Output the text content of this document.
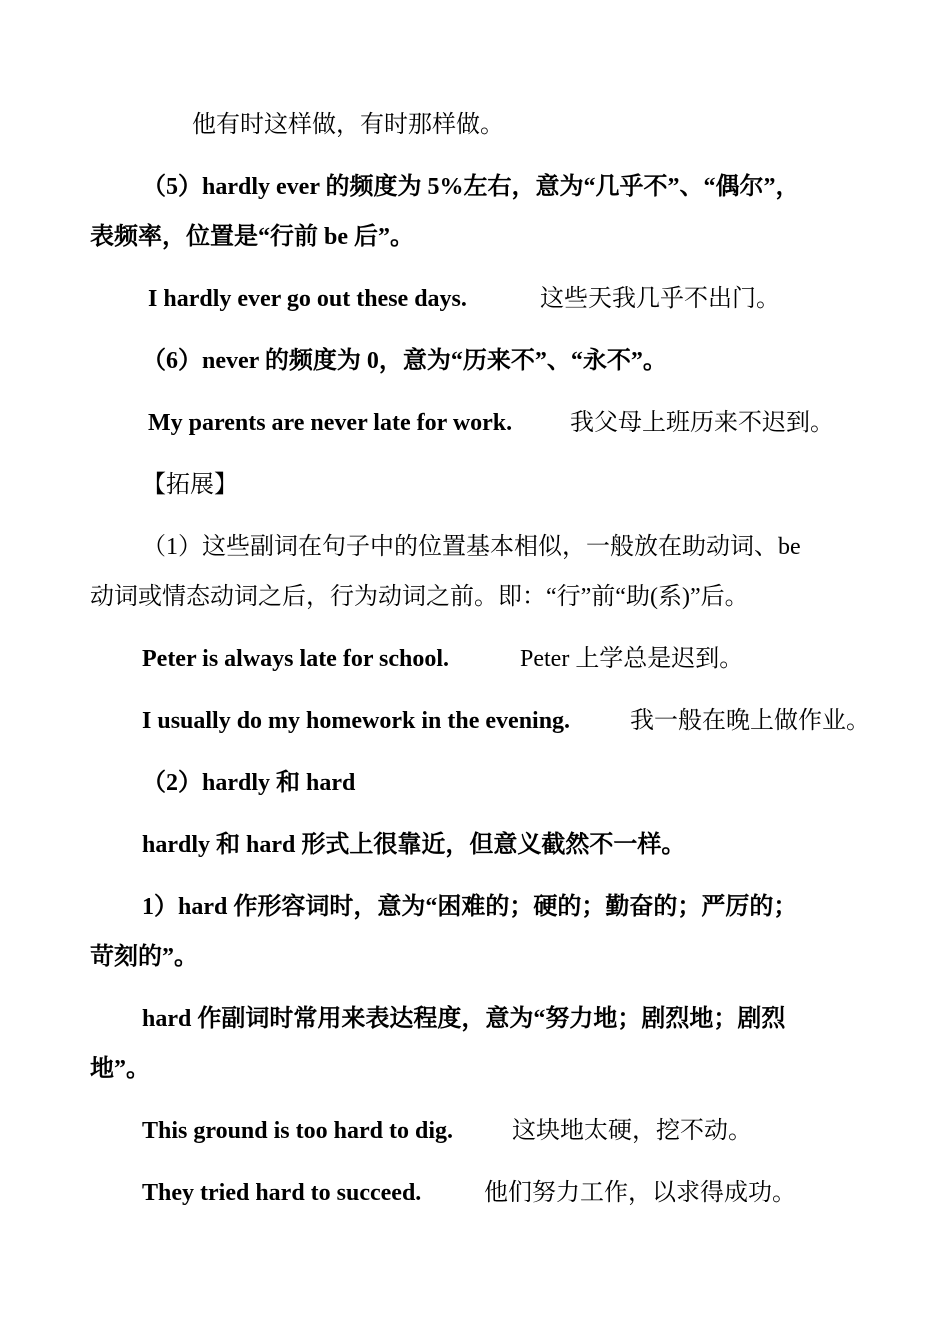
他有时这样做，有时那样做。
（5）hardly ever 的频度为 5%左右，意为“几乎不”、“偶尔”，
表频率，位置是“行前 be 后”。
I hardly ever go out these days.	这些天我几乎不出门。
（6）never 的频度为 0，意为“历来不”、“永不”。
My parents are never late for work. 我父母上班历来不迟到。
【拓展】
（1）这些副词在句子中的位置基本相似，一般放在助动词、be
动词或情态动词之后，行为动词之前。即：“行”前“助(系)”后。
Peter is always late for school.	Peter 上学总是迟到。
I usually do my homework in the evening. 我一般在晚上做作业。
（2）hardly 和 hard
hardly 和 hard 形式上很靠近，但意义截然不一样。
1）hard 作形容词时，意为“困难的；硬的；勤奋的；严厉的；
苛刻的”。
hard 作副词时常用来表达程度，意为“努力地；剧烈地；剧烈
地”。
This ground is too hard to dig. 这块地太硬，挖不动。
They tried hard to succeed.	他们努力工作，以求得成功。
